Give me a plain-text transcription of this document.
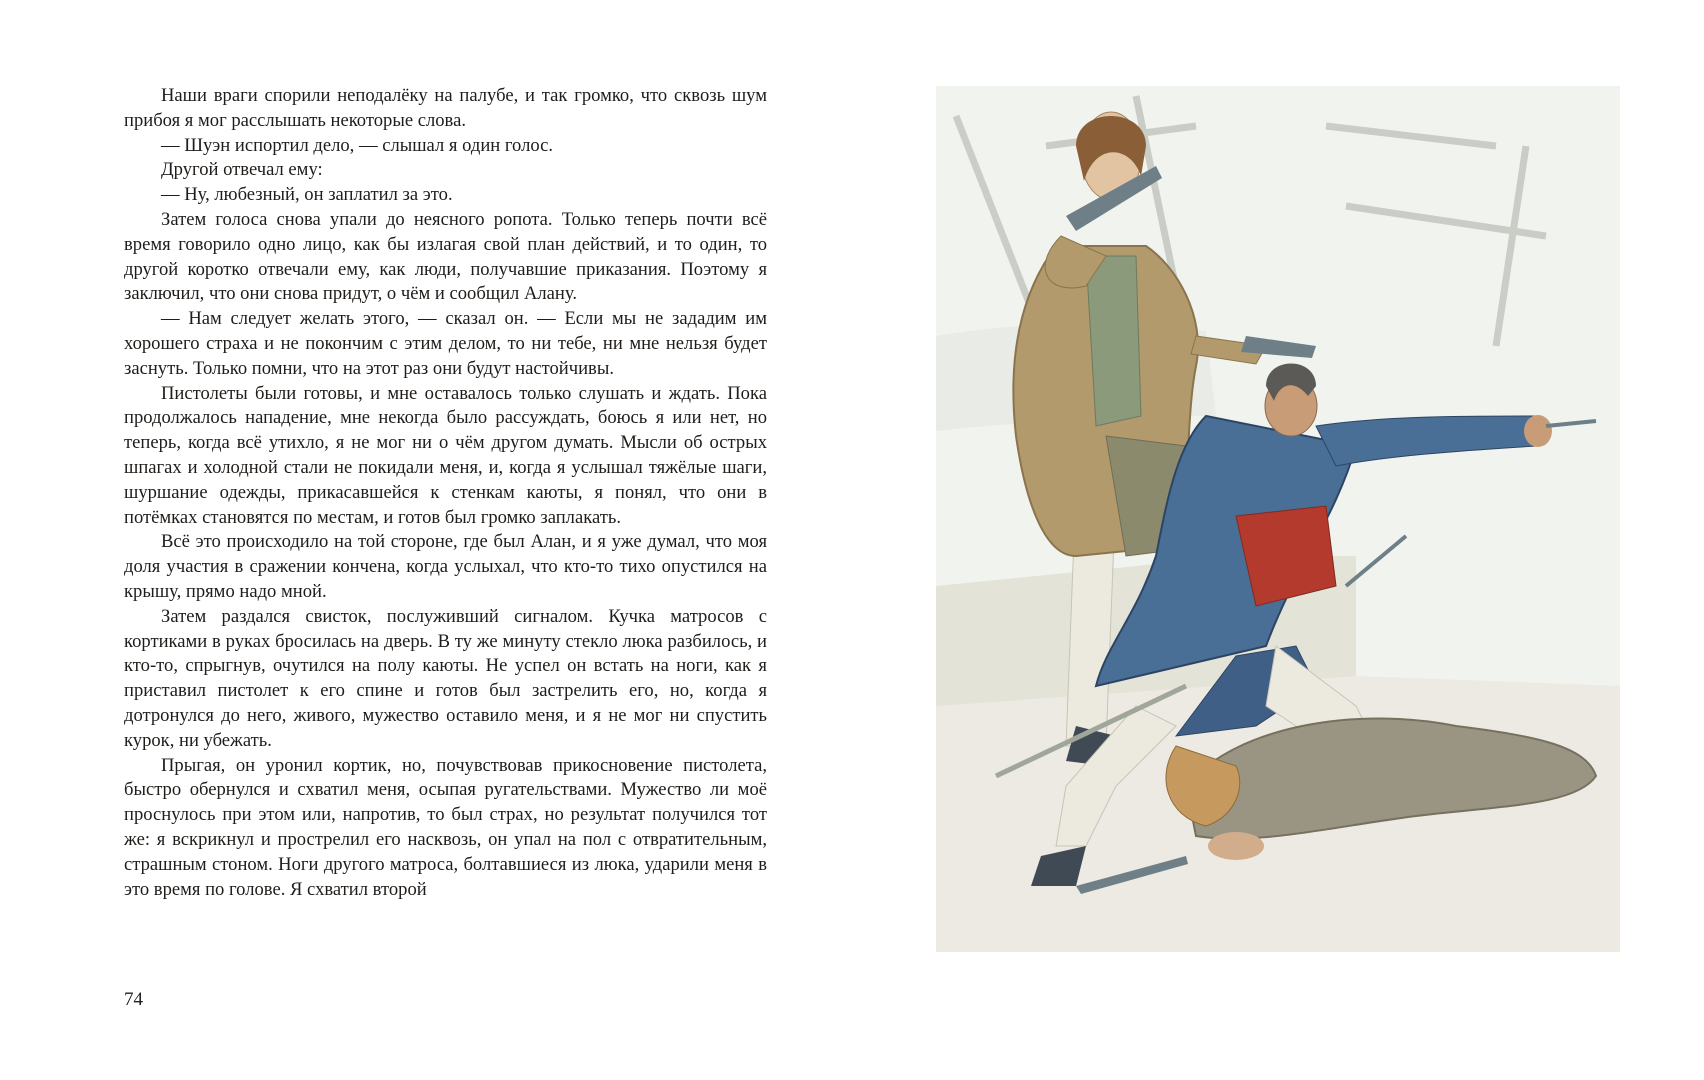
Наши враги спорили неподалёку на палубе, и так громко, что сквозь шум прибоя я мог расслышать некоторые слова.

— Шуэн испортил дело, — слышал я один голос.

Другой отвечал ему:

— Ну, любезный, он заплатил за это.

Затем голоса снова упали до неясного ропота. Только теперь почти всё время говорило одно лицо, как бы излагая свой план действий, и то один, то другой коротко отвечали ему, как люди, получавшие приказания. Поэтому я заключил, что они снова придут, о чём и сообщил Алану.

— Нам следует желать этого, — сказал он. — Если мы не зададим им хорошего страха и не покончим с этим делом, то ни тебе, ни мне нельзя будет заснуть. Только помни, что на этот раз они будут настойчивы.

Пистолеты были готовы, и мне оставалось только слушать и ждать. Пока продолжалось нападение, мне некогда было рассуждать, боюсь я или нет, но теперь, когда всё утихло, я не мог ни о чём другом думать. Мысли об острых шпагах и холодной стали не покидали меня, и, когда я услышал тяжёлые шаги, шуршание одежды, прикасавшейся к стенкам каюты, я понял, что они в потёмках становятся по местам, и готов был громко заплакать.

Всё это происходило на той стороне, где был Алан, и я уже думал, что моя доля участия в сражении кончена, когда услыхал, что кто-то тихо опустился на крышу, прямо надо мной.

Затем раздался свисток, послуживший сигналом. Кучка матросов с кортиками в руках бросилась на дверь. В ту же минуту стекло люка разбилось, и кто-то, спрыгнув, очутился на полу каюты. Не успел он встать на ноги, как я приставил пистолет к его спине и готов был застрелить его, но, когда я дотронулся до него, живого, мужество оставило меня, и я не мог ни спустить курок, ни убежать.

Прыгая, он уронил кортик, но, почувствовав прикосновение пистолета, быстро обернулся и схватил меня, осыпая ругательствами. Мужество ли моё проснулось при этом или, напротив, то был страх, но результат получился тот же: я вскрикнул и прострелил его насквозь, он упал на пол с отвратительным, страшным стоном. Ноги другого матроса, болтавшиеся из люка, ударили меня в это время по голове. Я схватил второй

74
